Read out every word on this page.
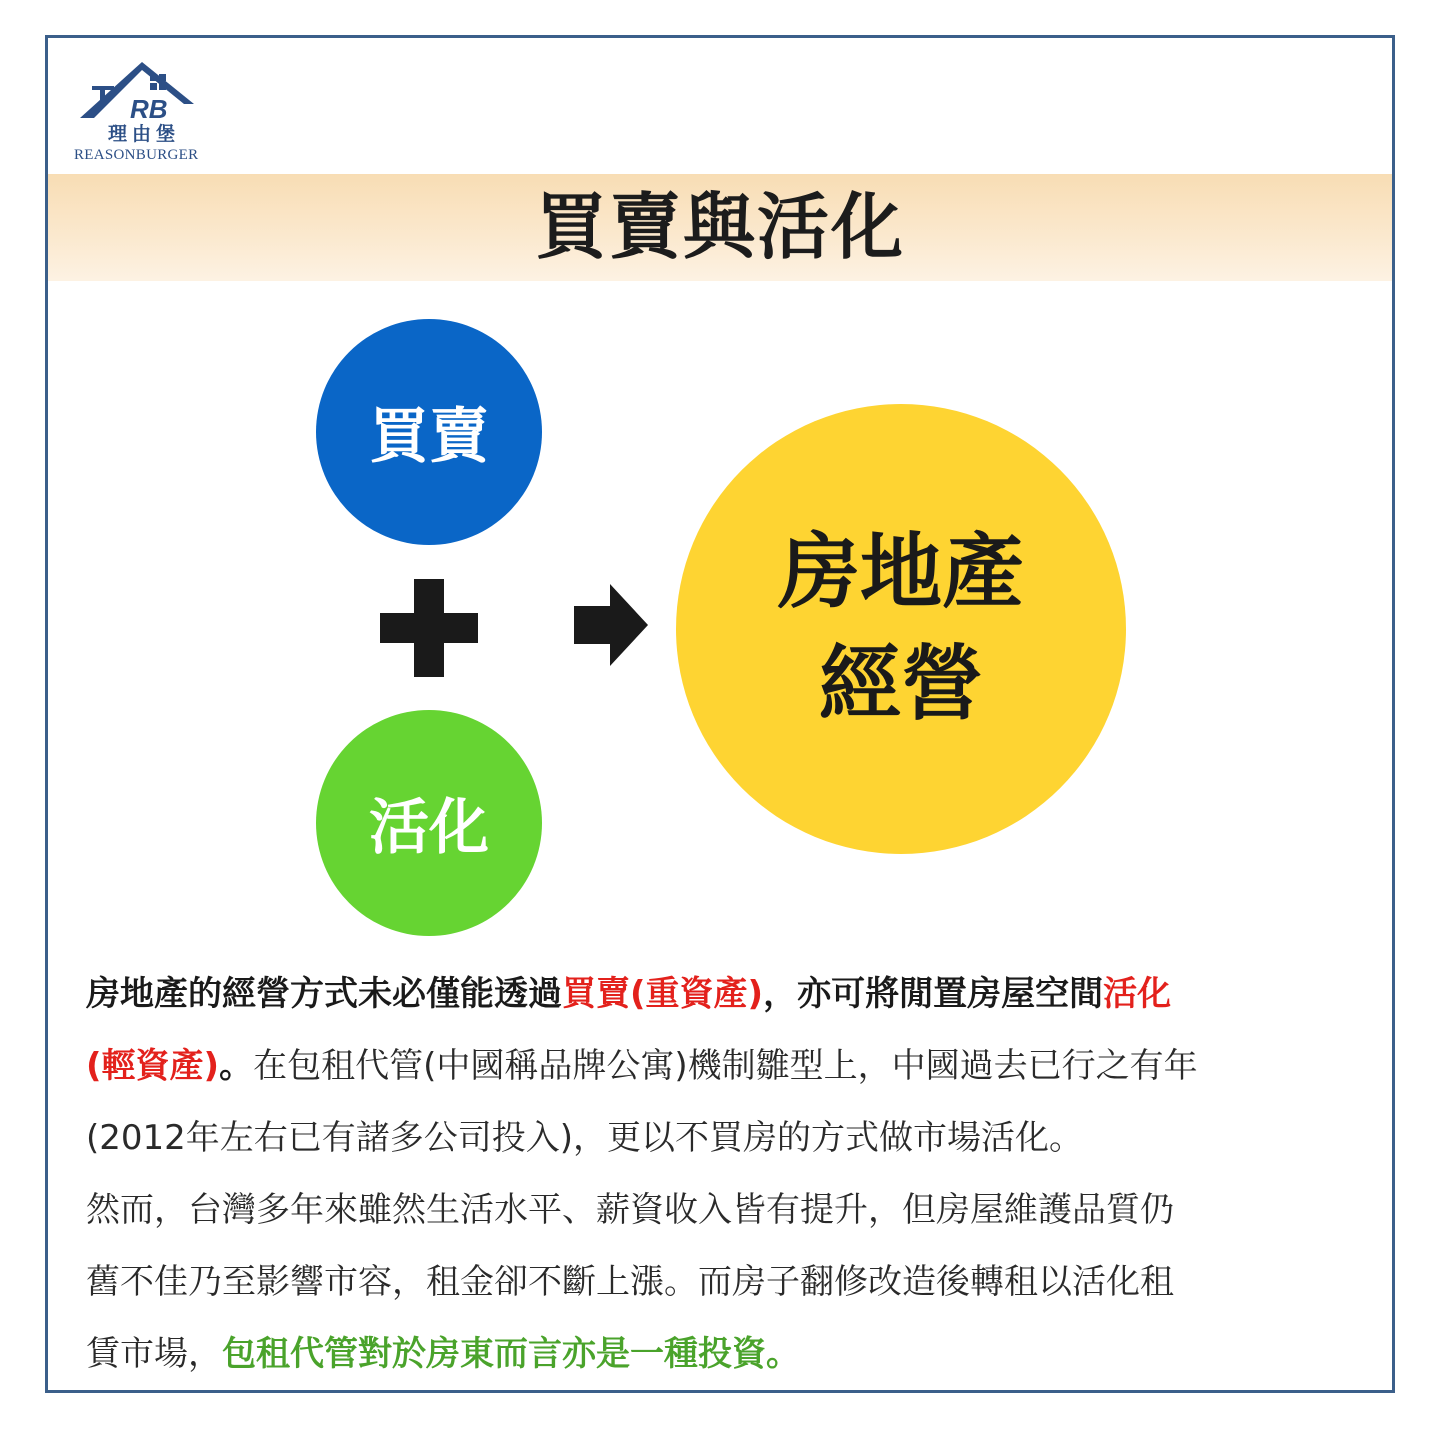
RB
理由堡
REASONBURGER
買賣與活化
買賣
活化
房地產
經營
房地產的經營方式未必僅能透過買賣(重資產)，亦可將閒置房屋空間活化
(輕資產)。在包租代管(中國稱品牌公寓)機制雛型上，中國過去已行之有年
(2012年左右已有諸多公司投入)，更以不買房的方式做市場活化。
然而，台灣多年來雖然生活水平、薪資收入皆有提升，但房屋維護品質仍
舊不佳乃至影響市容，租金卻不斷上漲。而房子翻修改造後轉租以活化租
賃市場，包租代管對於房東而言亦是一種投資。
